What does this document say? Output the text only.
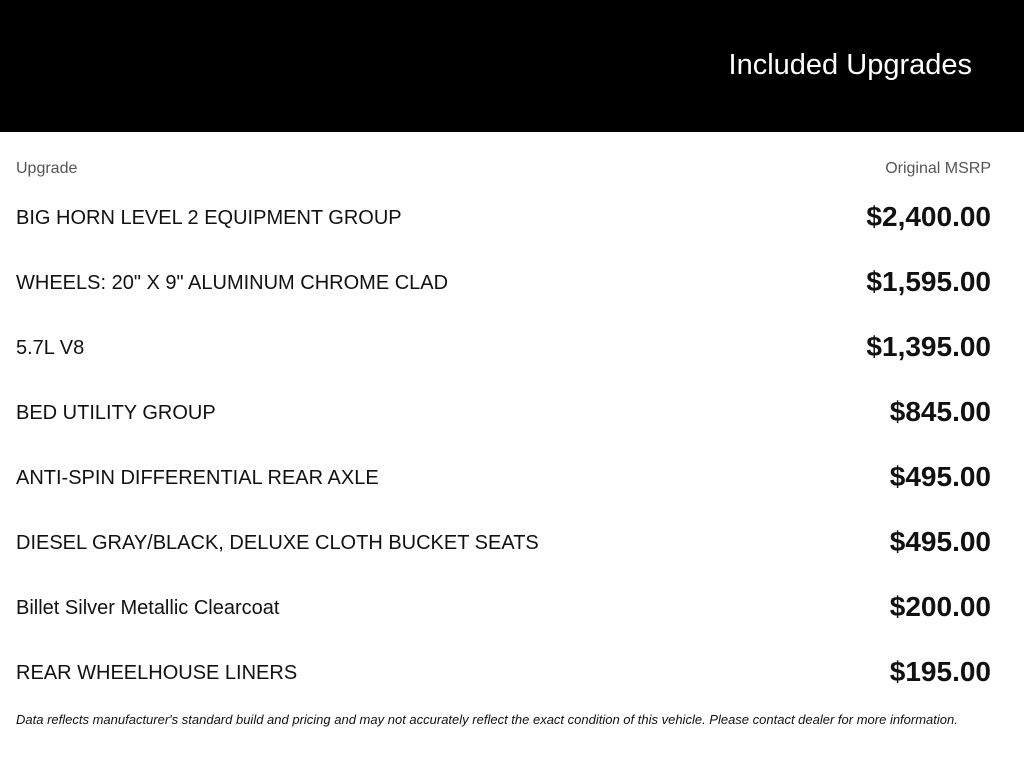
Included Upgrades
Upgrade	Original MSRP
BIG HORN LEVEL 2 EQUIPMENT GROUP	$2,400.00
WHEELS: 20" X 9" ALUMINUM CHROME CLAD	$1,595.00
5.7L V8	$1,395.00
BED UTILITY GROUP	$845.00
ANTI-SPIN DIFFERENTIAL REAR AXLE	$495.00
DIESEL GRAY/BLACK, DELUXE CLOTH BUCKET SEATS	$495.00
Billet Silver Metallic Clearcoat	$200.00
REAR WHEELHOUSE LINERS	$195.00
Data reflects manufacturer's standard build and pricing and may not accurately reflect the exact condition of this vehicle. Please contact dealer for more information.
